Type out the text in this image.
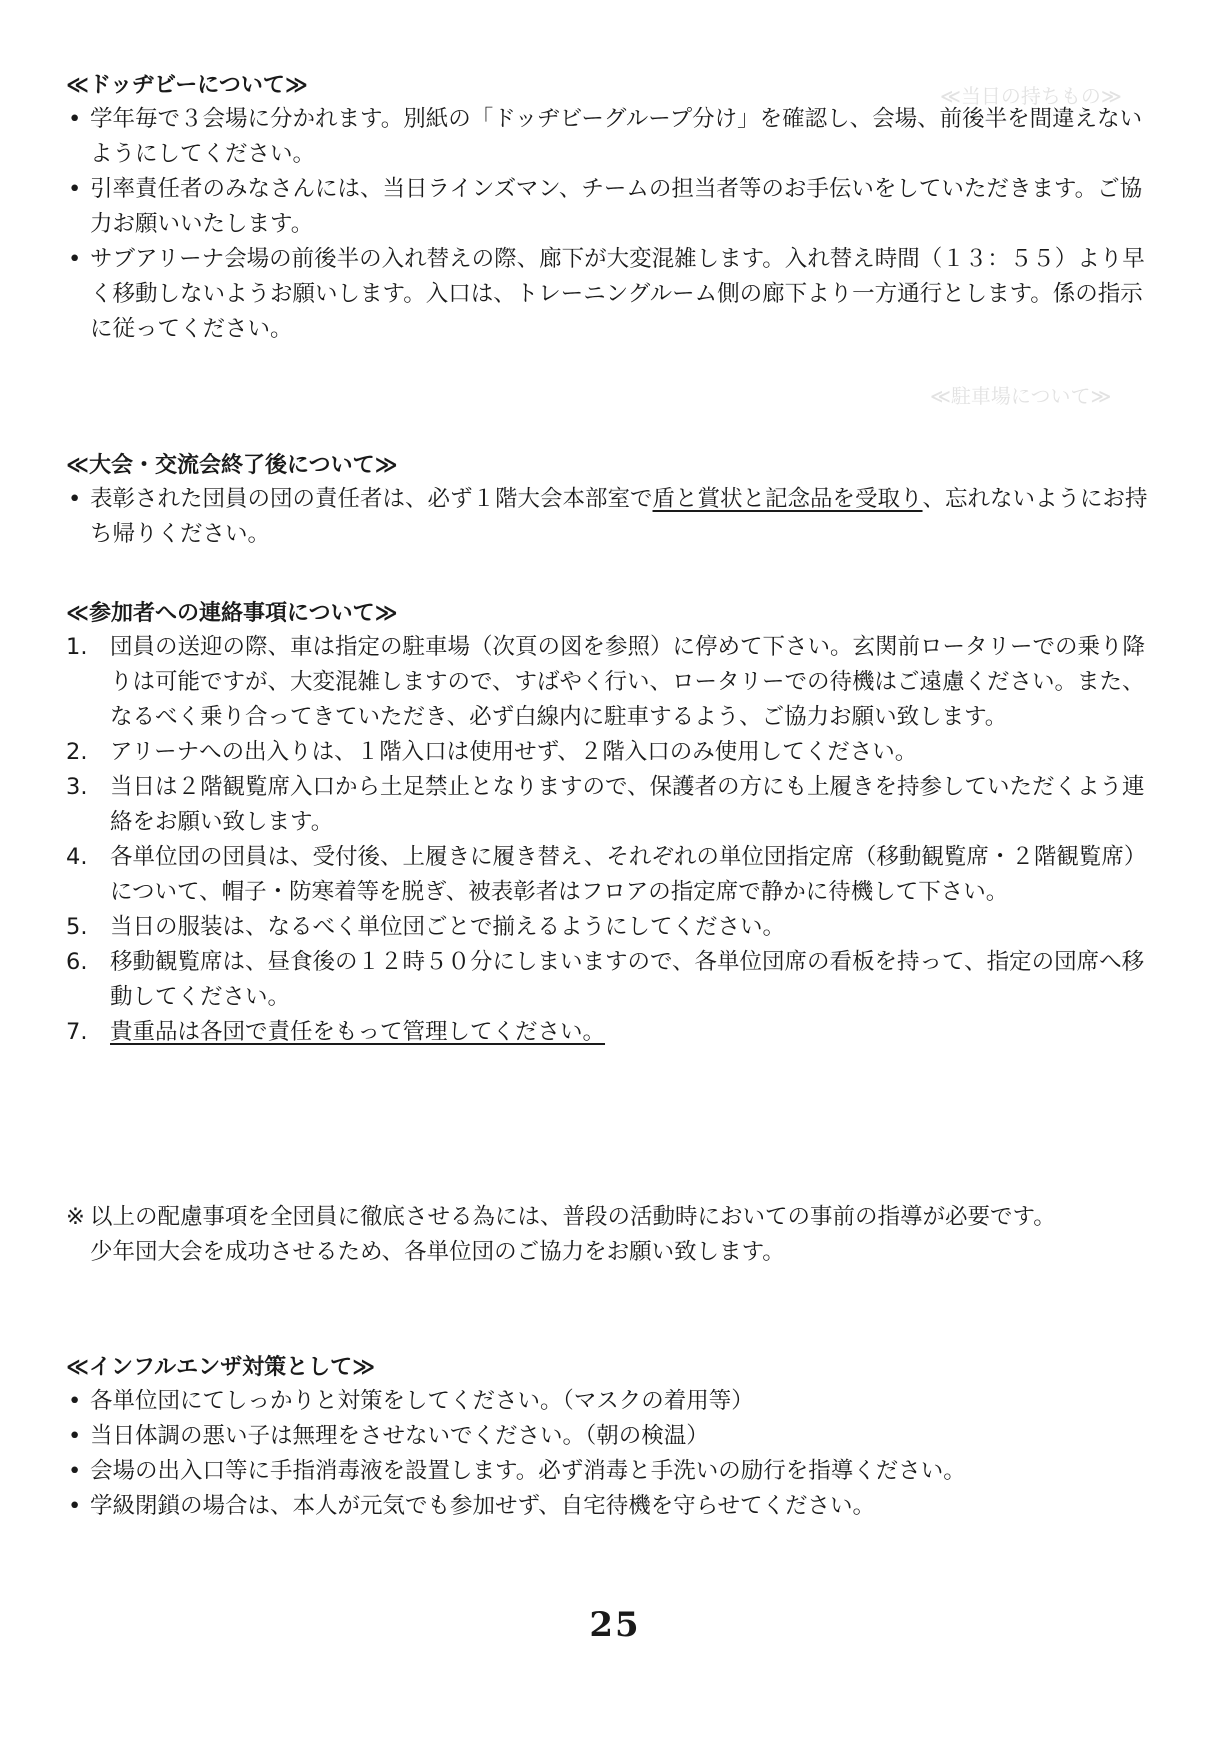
≪当日の持ちもの≫
≪駐車場について≫
≪ドッヂビーについて≫
• 学年毎で３会場に分かれます。別紙の「ドッヂビーグループ分け」を確認し、会場、前後半を間違えないようにしてください。
• 引率責任者のみなさんには、当日ラインズマン、チームの担当者等のお手伝いをしていただきます。ご協力お願いいたします。
• サブアリーナ会場の前後半の入れ替えの際、廊下が大変混雑します。入れ替え時間（１３：５５）より早く移動しないようお願いします。入口は、トレーニングルーム側の廊下より一方通行とします。係の指示に従ってください。
≪大会・交流会終了後について≫
• 表彰された団員の団の責任者は、必ず１階大会本部室で盾と賞状と記念品を受取り、忘れないようにお持ち帰りください。
≪参加者への連絡事項について≫
1.	団員の送迎の際、車は指定の駐車場（次頁の図を参照）に停めて下さい。玄関前ロータリーでの乗り降りは可能ですが、大変混雑しますので、すばやく行い、ロータリーでの待機はご遠慮ください。また、なるべく乗り合ってきていただき、必ず白線内に駐車するよう、ご協力お願い致します。
2.	アリーナへの出入りは、１階入口は使用せず、２階入口のみ使用してください。
3.	当日は２階観覧席入口から土足禁止となりますので、保護者の方にも上履きを持参していただくよう連絡をお願い致します。
4.	各単位団の団員は、受付後、上履きに履き替え、それぞれの単位団指定席（移動観覧席・２階観覧席）について、帽子・防寒着等を脱ぎ、被表彰者はフロアの指定席で静かに待機して下さい。
5.	当日の服装は、なるべく単位団ごとで揃えるようにしてください。
6.	移動観覧席は、昼食後の１２時５０分にしまいますので、各単位団席の看板を持って、指定の団席へ移動してください。
7.	貴重品は各団で責任をもって管理してください。

※ 以上の配慮事項を全団員に徹底させる為には、普段の活動時においての事前の指導が必要です。

少年団大会を成功させるため、各単位団のご協力をお願い致します。

≪インフルエンザ対策として≫
• 各単位団にてしっかりと対策をしてください。（マスクの着用等）
• 当日体調の悪い子は無理をさせないでください。（朝の検温）
• 会場の出入口等に手指消毒液を設置します。必ず消毒と手洗いの励行を指導ください。
• 学級閉鎖の場合は、本人が元気でも参加せず、自宅待機を守らせてください。

25
